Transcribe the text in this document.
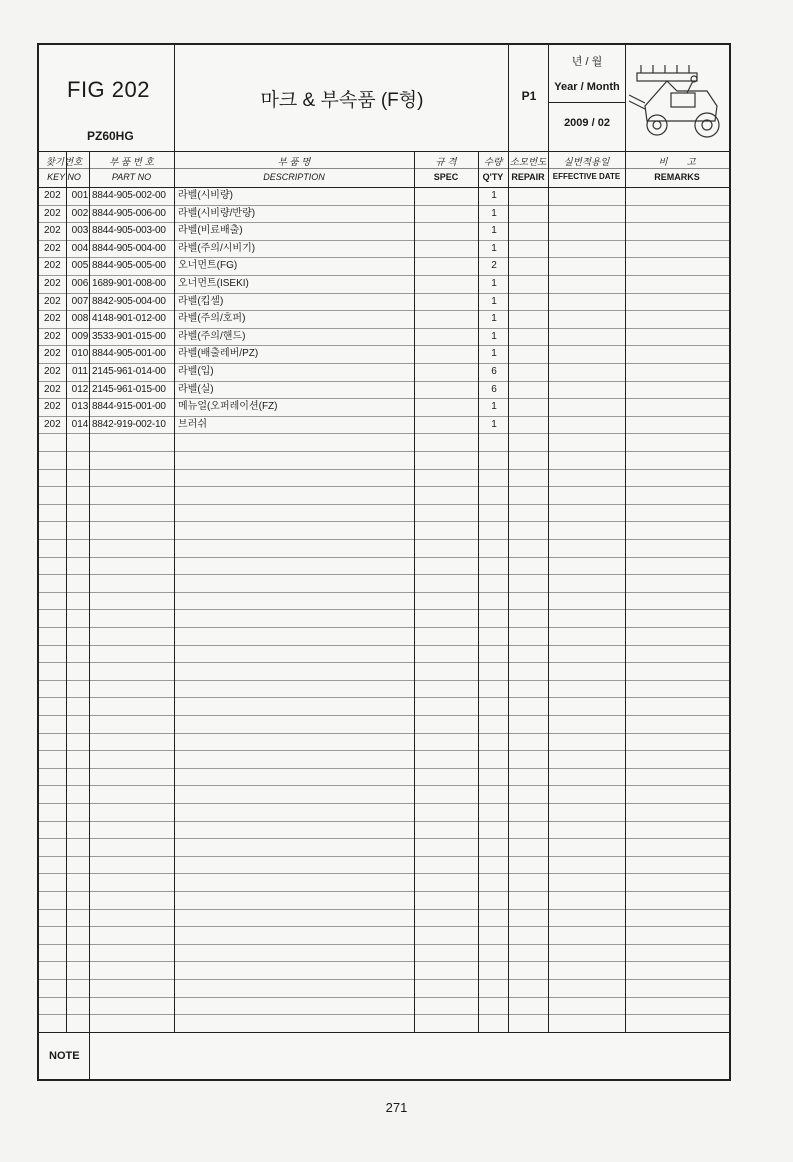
FIG 202
PZ60HG
마크 & 부속품 (F형)	P1
년 / 월
Year / Month
2009 / 02
찾기번호
KEY NO
부 품 번 호
PART NO
부 품 명
DESCRIPTION
규 격
SPEC
수량
Q'TY
소모번도
REPAIR
실번적용일
EFFECTIVE DATE
비　　고
REMARKS
202	001 8844-905-002-00	라벨(시비량)	1
202	002 8844-905-006-00	라벨(시비량/반량)	1
202	003 8844-905-003-00	라벨(비료배출)	1
202	004 8844-905-004-00	라벨(주의/시비기)	1
202	005 8844-905-005-00	오너먼트(FG)	2
202	006 1689-901-008-00	오너먼트(ISEKI)	1
202	007 8842-905-004-00	라벨(킵셀)	1
202	008 4148-901-012-00	라벨(주의/호퍼)	1
202	009 3533-901-015-00	라벨(주의/핸드)	1
202	010 8844-905-001-00	라벨(배출레버/PZ)	1
202	011 2145-961-014-00	라벨(입)	6
202	012 2145-961-015-00	라벨(실)	6
202	013 8844-915-001-00	메뉴얼(오퍼레이션(FZ)	1
202	014 8842-919-002-10	브러쉬	1
NOTE
271
